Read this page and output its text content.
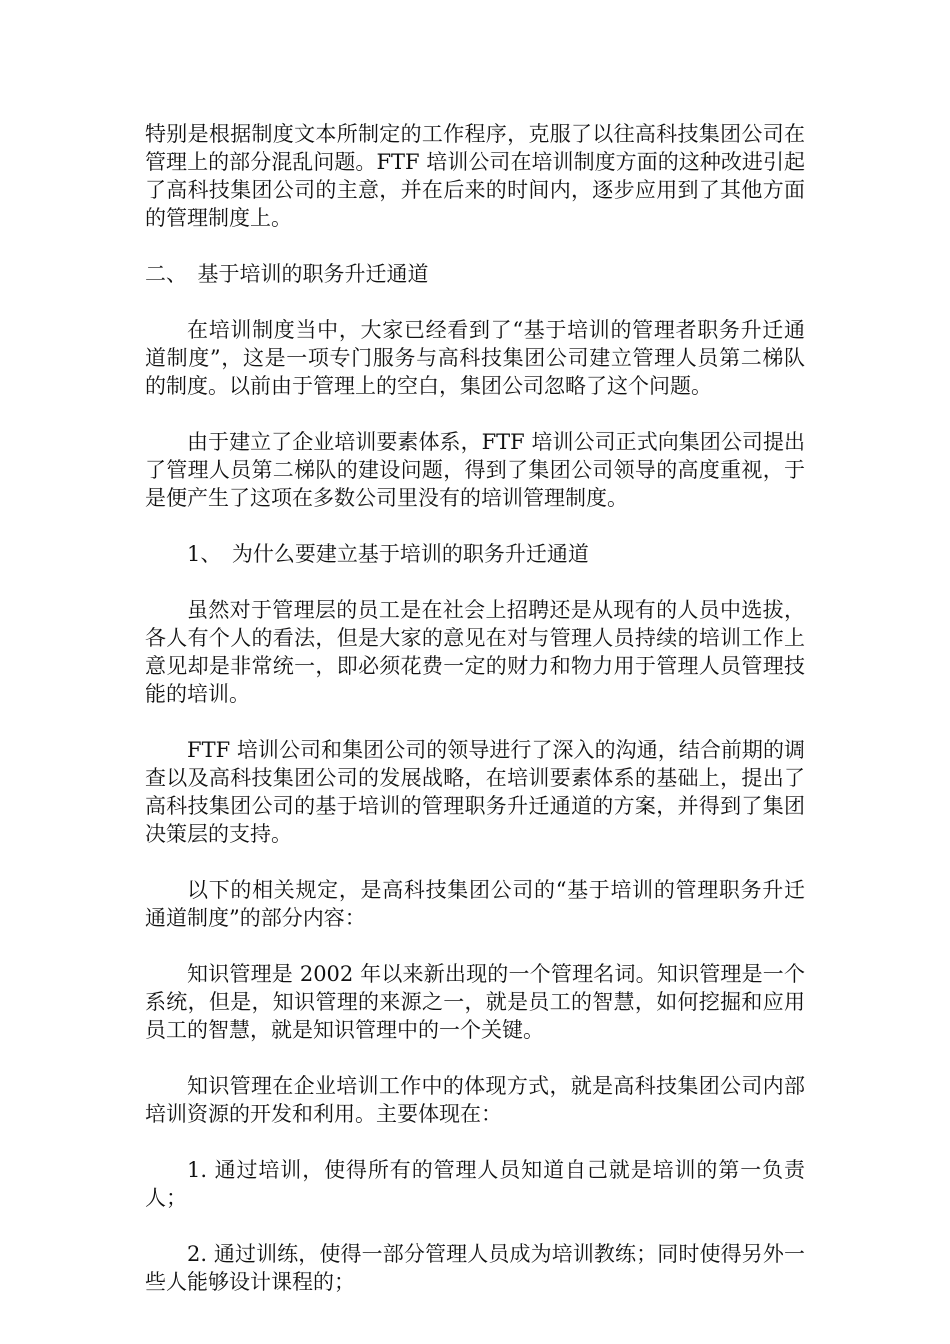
特别是根据制度文本所制定的工作程序，克服了以往高科技集团公司在管理上的部分混乱问题。FTF 培训公司在培训制度方面的这种改进引起了高科技集团公司的主意，并在后来的时间内，逐步应用到了其他方面的管理制度上。

二、　基于培训的职务升迁通道

在培训制度当中，大家已经看到了“基于培训的管理者职务升迁通道制度”，这是一项专门服务与高科技集团公司建立管理人员第二梯队的制度。以前由于管理上的空白，集团公司忽略了这个问题。

由于建立了企业培训要素体系，FTF 培训公司正式向集团公司提出了管理人员第二梯队的建设问题，得到了集团公司领导的高度重视，于是便产生了这项在多数公司里没有的培训管理制度。

1、　为什么要建立基于培训的职务升迁通道

虽然对于管理层的员工是在社会上招聘还是从现有的人员中选拔，各人有个人的看法，但是大家的意见在对与管理人员持续的培训工作上意见却是非常统一，即必须花费一定的财力和物力用于管理人员管理技能的培训。

FTF 培训公司和集团公司的领导进行了深入的沟通，结合前期的调查以及高科技集团公司的发展战略，在培训要素体系的基础上，提出了高科技集团公司的基于培训的管理职务升迁通道的方案，并得到了集团决策层的支持。

以下的相关规定，是高科技集团公司的“基于培训的管理职务升迁通道制度”的部分内容：

知识管理是 2002 年以来新出现的一个管理名词。知识管理是一个系统，但是，知识管理的来源之一，就是员工的智慧，如何挖掘和应用员工的智慧，就是知识管理中的一个关键。

知识管理在企业培训工作中的体现方式，就是高科技集团公司内部培训资源的开发和利用。主要体现在：

1. 通过培训，使得所有的管理人员知道自己就是培训的第一负责人；

2. 通过训练，使得一部分管理人员成为培训教练；同时使得另外一些人能够设计课程的；
